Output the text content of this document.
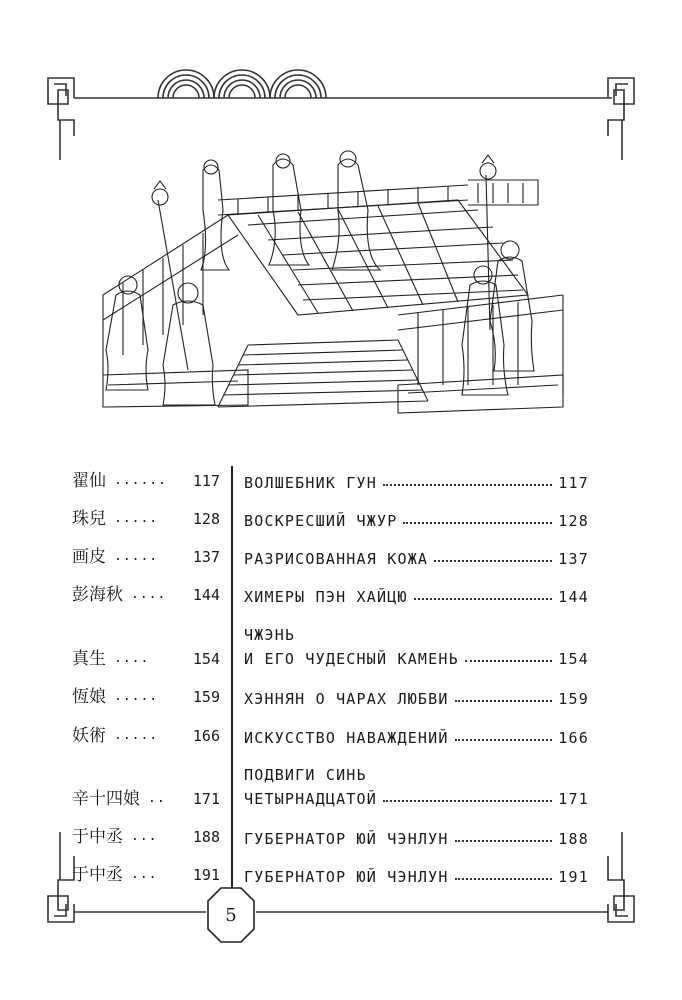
翟仙 ...... 117
珠兒 ..... 128
画皮 ..... 137
彭海秋 .... 144
真生 ....	154
恆娘 ..... 159
妖術 ..... 166
辛十四娘 .. 171
于中丞 ... 188
于中丞 ... 191
ВОЛШЕБНИК ГУН	117
ВОСКРЕСШИЙ ЧЖУР	128
РАЗРИСОВАННАЯ КОЖА	137
ХИМЕРЫ ПЭН ХАЙЦЮ	144
ЧЖЭНЬ
И ЕГО ЧУДЕСНЫЙ КАМЕНЬ	154
ХЭННЯН О ЧАРАХ ЛЮБВИ	159
ИСКУССТВО НАВАЖДЕНИЙ	166
ПОДВИГИ СИНЬ
ЧЕТЫРНАДЦАТОЙ	171
ГУБЕРНАТОР ЮЙ ЧЭНЛУН	188
ГУБЕРНАТОР ЮЙ ЧЭНЛУН	191
5
